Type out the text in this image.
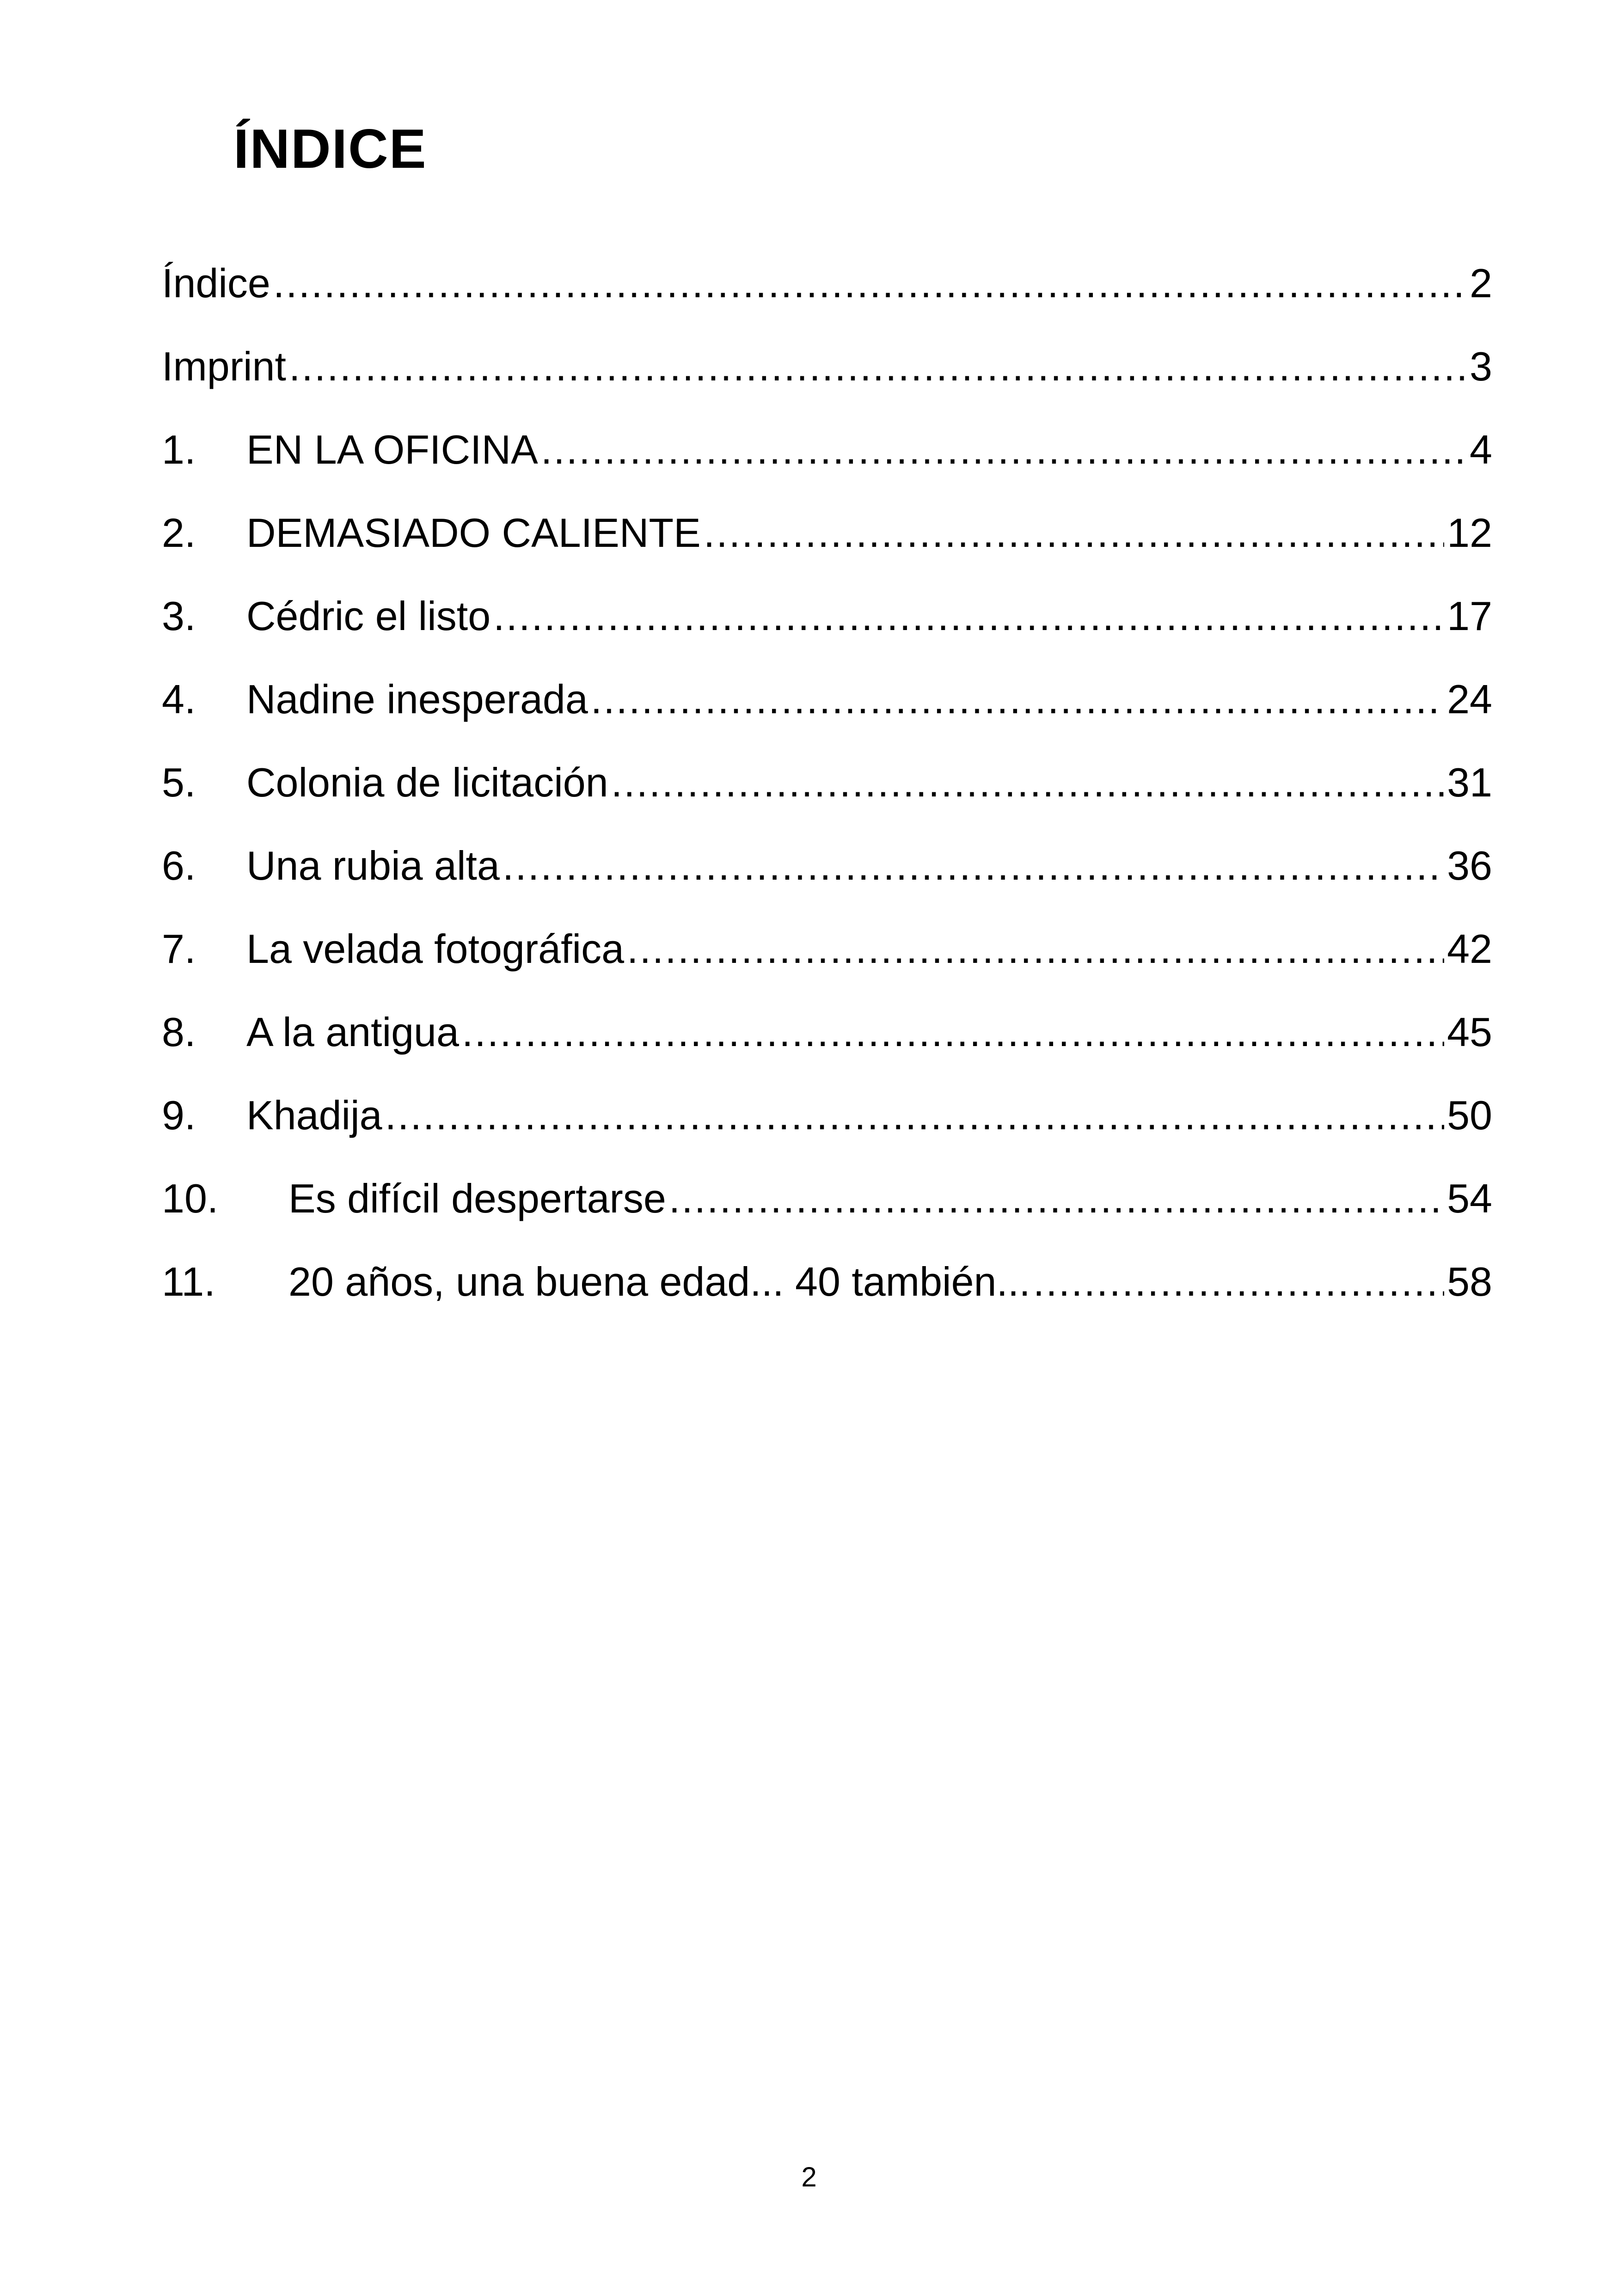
ÍNDICE
Índice .....	2
Imprint .....	3
1.	EN LA OFICINA .....	4
2.	DEMASIADO CALIENTE .....	12
3.	Cédric el listo .....	17
4.	Nadine inesperada .....	24
5.	Colonia de licitación .....	31
6.	Una rubia alta .....	36
7.	La velada fotográfica .....	42
8.	A la antigua .....	45
9.	Khadija .....	50
10.	Es difícil despertarse .....	54
11.	20 años, una buena edad... 40 también... .....	58
2
